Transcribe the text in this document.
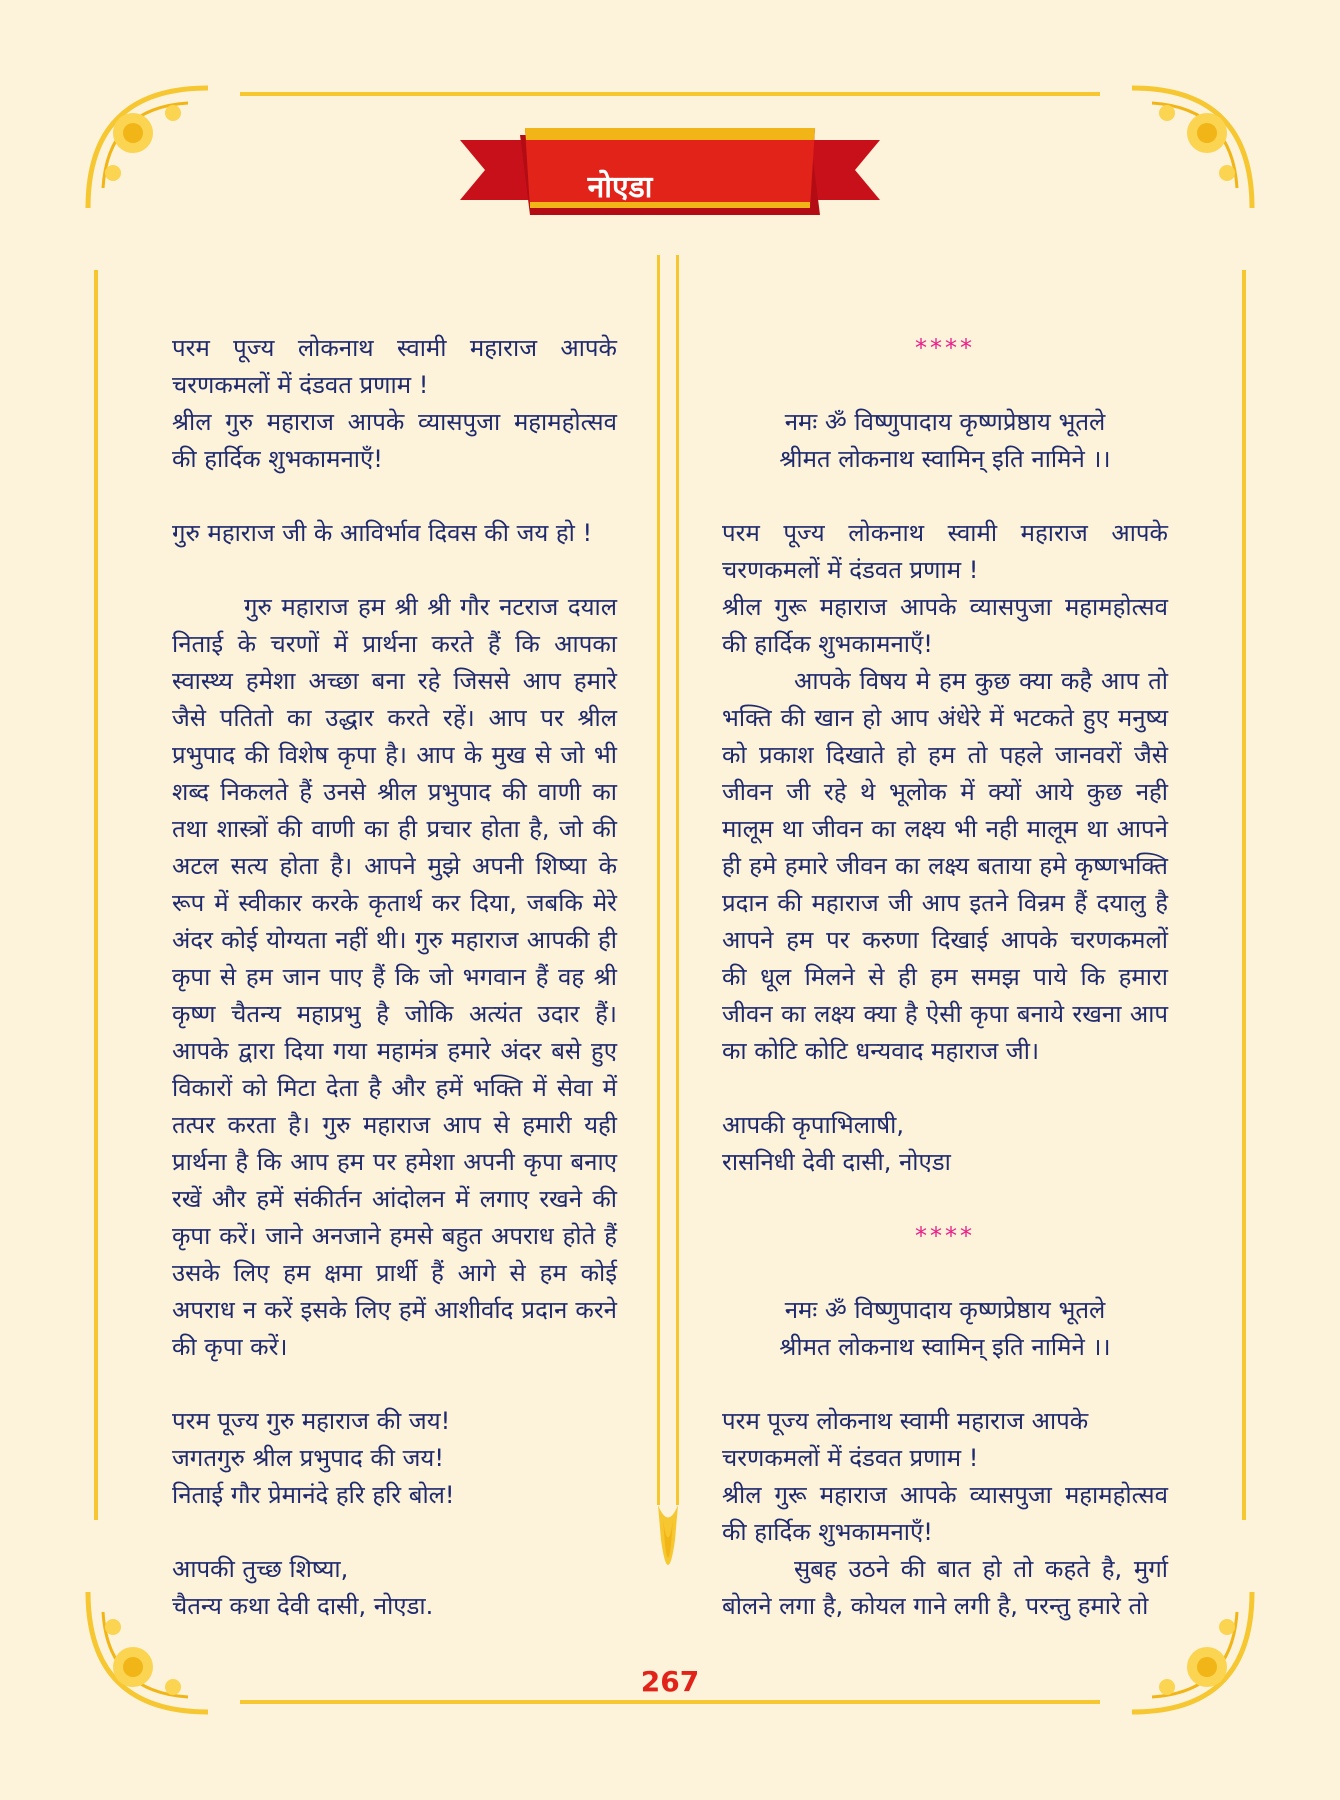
नोएडा

परम पूज्य लोकनाथ स्वामी महाराज आपके

चरणकमलों में दंडवत प्रणाम !

श्रील गुरु महाराज आपके व्यासपुजा महामहोत्सव

की हार्दिक शुभकामनाएँ!

गुरु महाराज जी के आविर्भाव दिवस की जय हो !

गुरु महाराज हम श्री श्री गौर नटराज दयाल निताई के चरणों में प्रार्थना करते हैं कि आपका स्वास्थ्य हमेशा अच्छा बना रहे जिससे आप हमारे जैसे पतितो का उद्धार करते रहें। आप पर श्रील प्रभुपाद की विशेष कृपा है। आप के मुख से जो भी शब्द निकलते हैं उनसे श्रील प्रभुपाद की वाणी का तथा शास्त्रों की वाणी का ही प्रचार होता है, जो की अटल सत्य होता है। आपने मुझे अपनी शिष्या के रूप में स्वीकार करके कृतार्थ कर दिया, जबकि मेरे अंदर कोई योग्यता नहीं थी। गुरु महाराज आपकी ही कृपा से हम जान पाए हैं कि जो भगवान हैं वह श्री कृष्ण चैतन्य महाप्रभु है जोकि अत्यंत उदार हैं। आपके द्वारा दिया गया महामंत्र हमारे अंदर बसे हुए विकारों को मिटा देता है और हमें भक्ति में सेवा में तत्पर करता है। गुरु महाराज आप से हमारी यही प्रार्थना है कि आप हम पर हमेशा अपनी कृपा बनाए रखें और हमें संकीर्तन आंदोलन में लगाए रखने की कृपा करें। जाने अनजाने हमसे बहुत अपराध होते हैं उसके लिए हम क्षमा प्रार्थी हैं आगे से हम कोई अपराध न करें इसके लिए हमें आशीर्वाद प्रदान करने की कृपा करें।

परम पूज्य गुरु महाराज की जय!

जगतगुरु श्रील प्रभुपाद की जय!

निताई गौर प्रेमानंदे हरि हरि बोल!

आपकी तुच्छ शिष्या,

चैतन्य कथा देवी दासी, नोएडा.

****

नमः ॐ विष्णुपादाय कृष्णप्रेष्ठाय भूतले

श्रीमत लोकनाथ स्वामिन् इति नामिने ।।

परम पूज्य लोकनाथ स्वामी महाराज आपके

चरणकमलों में दंडवत प्रणाम !

श्रील गुरू महाराज आपके व्यासपुजा महामहोत्सव

की हार्दिक शुभकामनाएँ!

आपके विषय मे हम कुछ क्या कहै आप तो भक्ति की खान हो आप अंधेरे में भटकते हुए मनुष्य को प्रकाश दिखाते हो हम तो पहले जानवरों जैसे जीवन जी रहे थे भूलोक में क्यों आये कुछ नही मालूम था जीवन का लक्ष्य भी नही मालूम था आपने ही हमे हमारे जीवन का लक्ष्य बताया हमे कृष्णभक्ति प्रदान की महाराज जी आप इतने विन्रम हैं दयालु है आपने हम पर करुणा दिखाई आपके चरणकमलों की धूल मिलने से ही हम समझ पाये कि हमारा जीवन का लक्ष्य क्या है ऐसी कृपा बनाये रखना आप का कोटि कोटि धन्यवाद महाराज जी।

आपकी कृपाभिलाषी,

रासनिधी देवी दासी, नोएडा

****

नमः ॐ विष्णुपादाय कृष्णप्रेष्ठाय भूतले

श्रीमत लोकनाथ स्वामिन् इति नामिने ।।

परम पूज्य लोकनाथ स्वामी महाराज आपके

चरणकमलों में दंडवत प्रणाम !

श्रील गुरू महाराज आपके व्यासपुजा महामहोत्सव

की हार्दिक शुभकामनाएँ!

सुबह उठने की बात हो तो कहते है, मुर्गा बोलने लगा है, कोयल गाने लगी है, परन्तु हमारे तो

267
